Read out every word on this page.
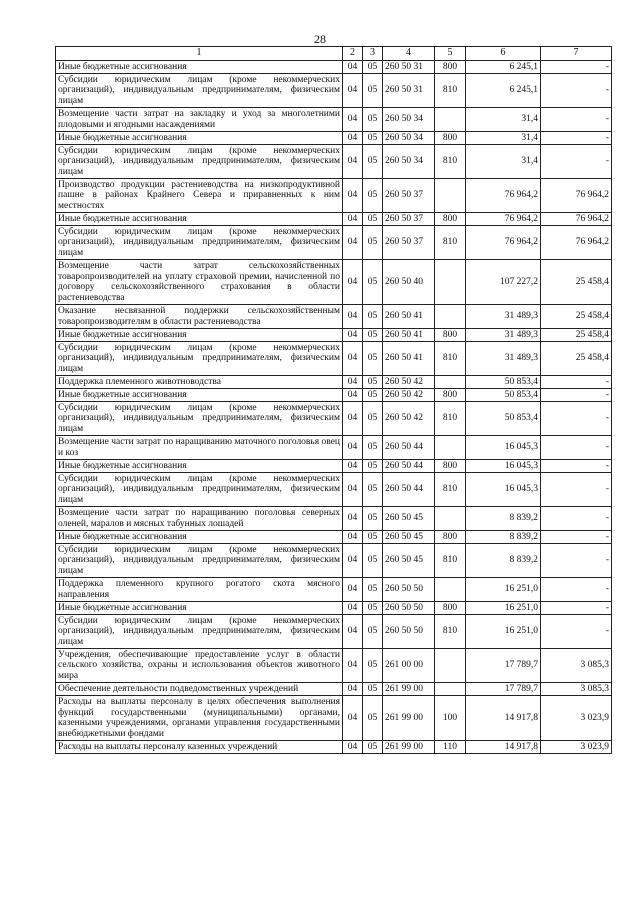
28
1	2	3	4	5	6	7
Иные бюджетные ассигнования	04	05	260 50 31	800	6 245,1	-
Субсидии юридическим лицам (кроме некоммерческих организаций), индивидуальным предпринимателям, физическим лицам	04	05	260 50 31	810	6 245,1	-
Возмещение части затрат на закладку и уход за многолетними плодовыми и ягодными насаждениями	04	05	260 50 34		31,4	-
Иные бюджетные ассигнования	04	05	260 50 34	800	31,4	-
Субсидии юридическим лицам (кроме некоммерческих организаций), индивидуальным предпринимателям, физическим лицам	04	05	260 50 34	810	31,4	-
Производство продукции растениеводства на низкопродуктивной пашне в районах Крайнего Севера и приравненных к ним местностях	04	05	260 50 37		76 964,2	76 964,2
Иные бюджетные ассигнования	04	05	260 50 37	800	76 964,2	76 964,2
Субсидии юридическим лицам (кроме некоммерческих организаций), индивидуальным предпринимателям, физическим лицам	04	05	260 50 37	810	76 964,2	76 964,2
Возмещение части затрат сельскохозяйственных товаропроизводителей на уплату страховой премии, начисленной по договору сельскохозяйственного страхования в области растениеводства	04	05	260 50 40		107 227,2	25 458,4
Оказание несвязанной поддержки сельскохозяйственным товаропроизводителям в области растениеводства	04	05	260 50 41		31 489,3	25 458,4
Иные бюджетные ассигнования	04	05	260 50 41	800	31 489,3	25 458,4
Субсидии юридическим лицам (кроме некоммерческих организаций), индивидуальным предпринимателям, физическим лицам	04	05	260 50 41	810	31 489,3	25 458,4
Поддержка племенного животноводства	04	05	260 50 42		50 853,4	-
Иные бюджетные ассигнования	04	05	260 50 42	800	50 853,4	-
Субсидии юридическим лицам (кроме некоммерческих организаций), индивидуальным предпринимателям, физическим лицам	04	05	260 50 42	810	50 853,4	-
Возмещение части затрат по наращиванию маточного поголовья овец и коз	04	05	260 50 44		16 045,3	-
Иные бюджетные ассигнования	04	05	260 50 44	800	16 045,3	-
Субсидии юридическим лицам (кроме некоммерческих организаций), индивидуальным предпринимателям, физическим лицам	04	05	260 50 44	810	16 045,3	-
Возмещение части затрат по наращиванию поголовья северных оленей, маралов и мясных табунных лошадей	04	05	260 50 45		8 839,2	-
Иные бюджетные ассигнования	04	05	260 50 45	800	8 839,2	-
Субсидии юридическим лицам (кроме некоммерческих организаций), индивидуальным предпринимателям, физическим лицам	04	05	260 50 45	810	8 839,2	-
Поддержка племенного крупного рогатого скота мясного направления	04	05	260 50 50		16 251,0	-
Иные бюджетные ассигнования	04	05	260 50 50	800	16 251,0	-
Субсидии юридическим лицам (кроме некоммерческих организаций), индивидуальным предпринимателям, физическим лицам	04	05	260 50 50	810	16 251,0	-
Учреждения, обеспечивающие предоставление услуг в области сельского хозяйства, охраны и использования объектов животного мира	04	05	261 00 00		17 789,7	3 085,3
Обеспечение деятельности подведомственных учреждений	04	05	261 99 00		17 789,7	3 085,3
Расходы на выплаты персоналу в целях обеспечения выполнения функций государственными (муниципальными) органами, казенными учреждениями, органами управления государственными внебюджетными фондами	04	05	261 99 00	100	14 917,8	3 023,9
Расходы на выплаты персоналу казенных учреждений	04	05	261 99 00	110	14 917,8	3 023,9
